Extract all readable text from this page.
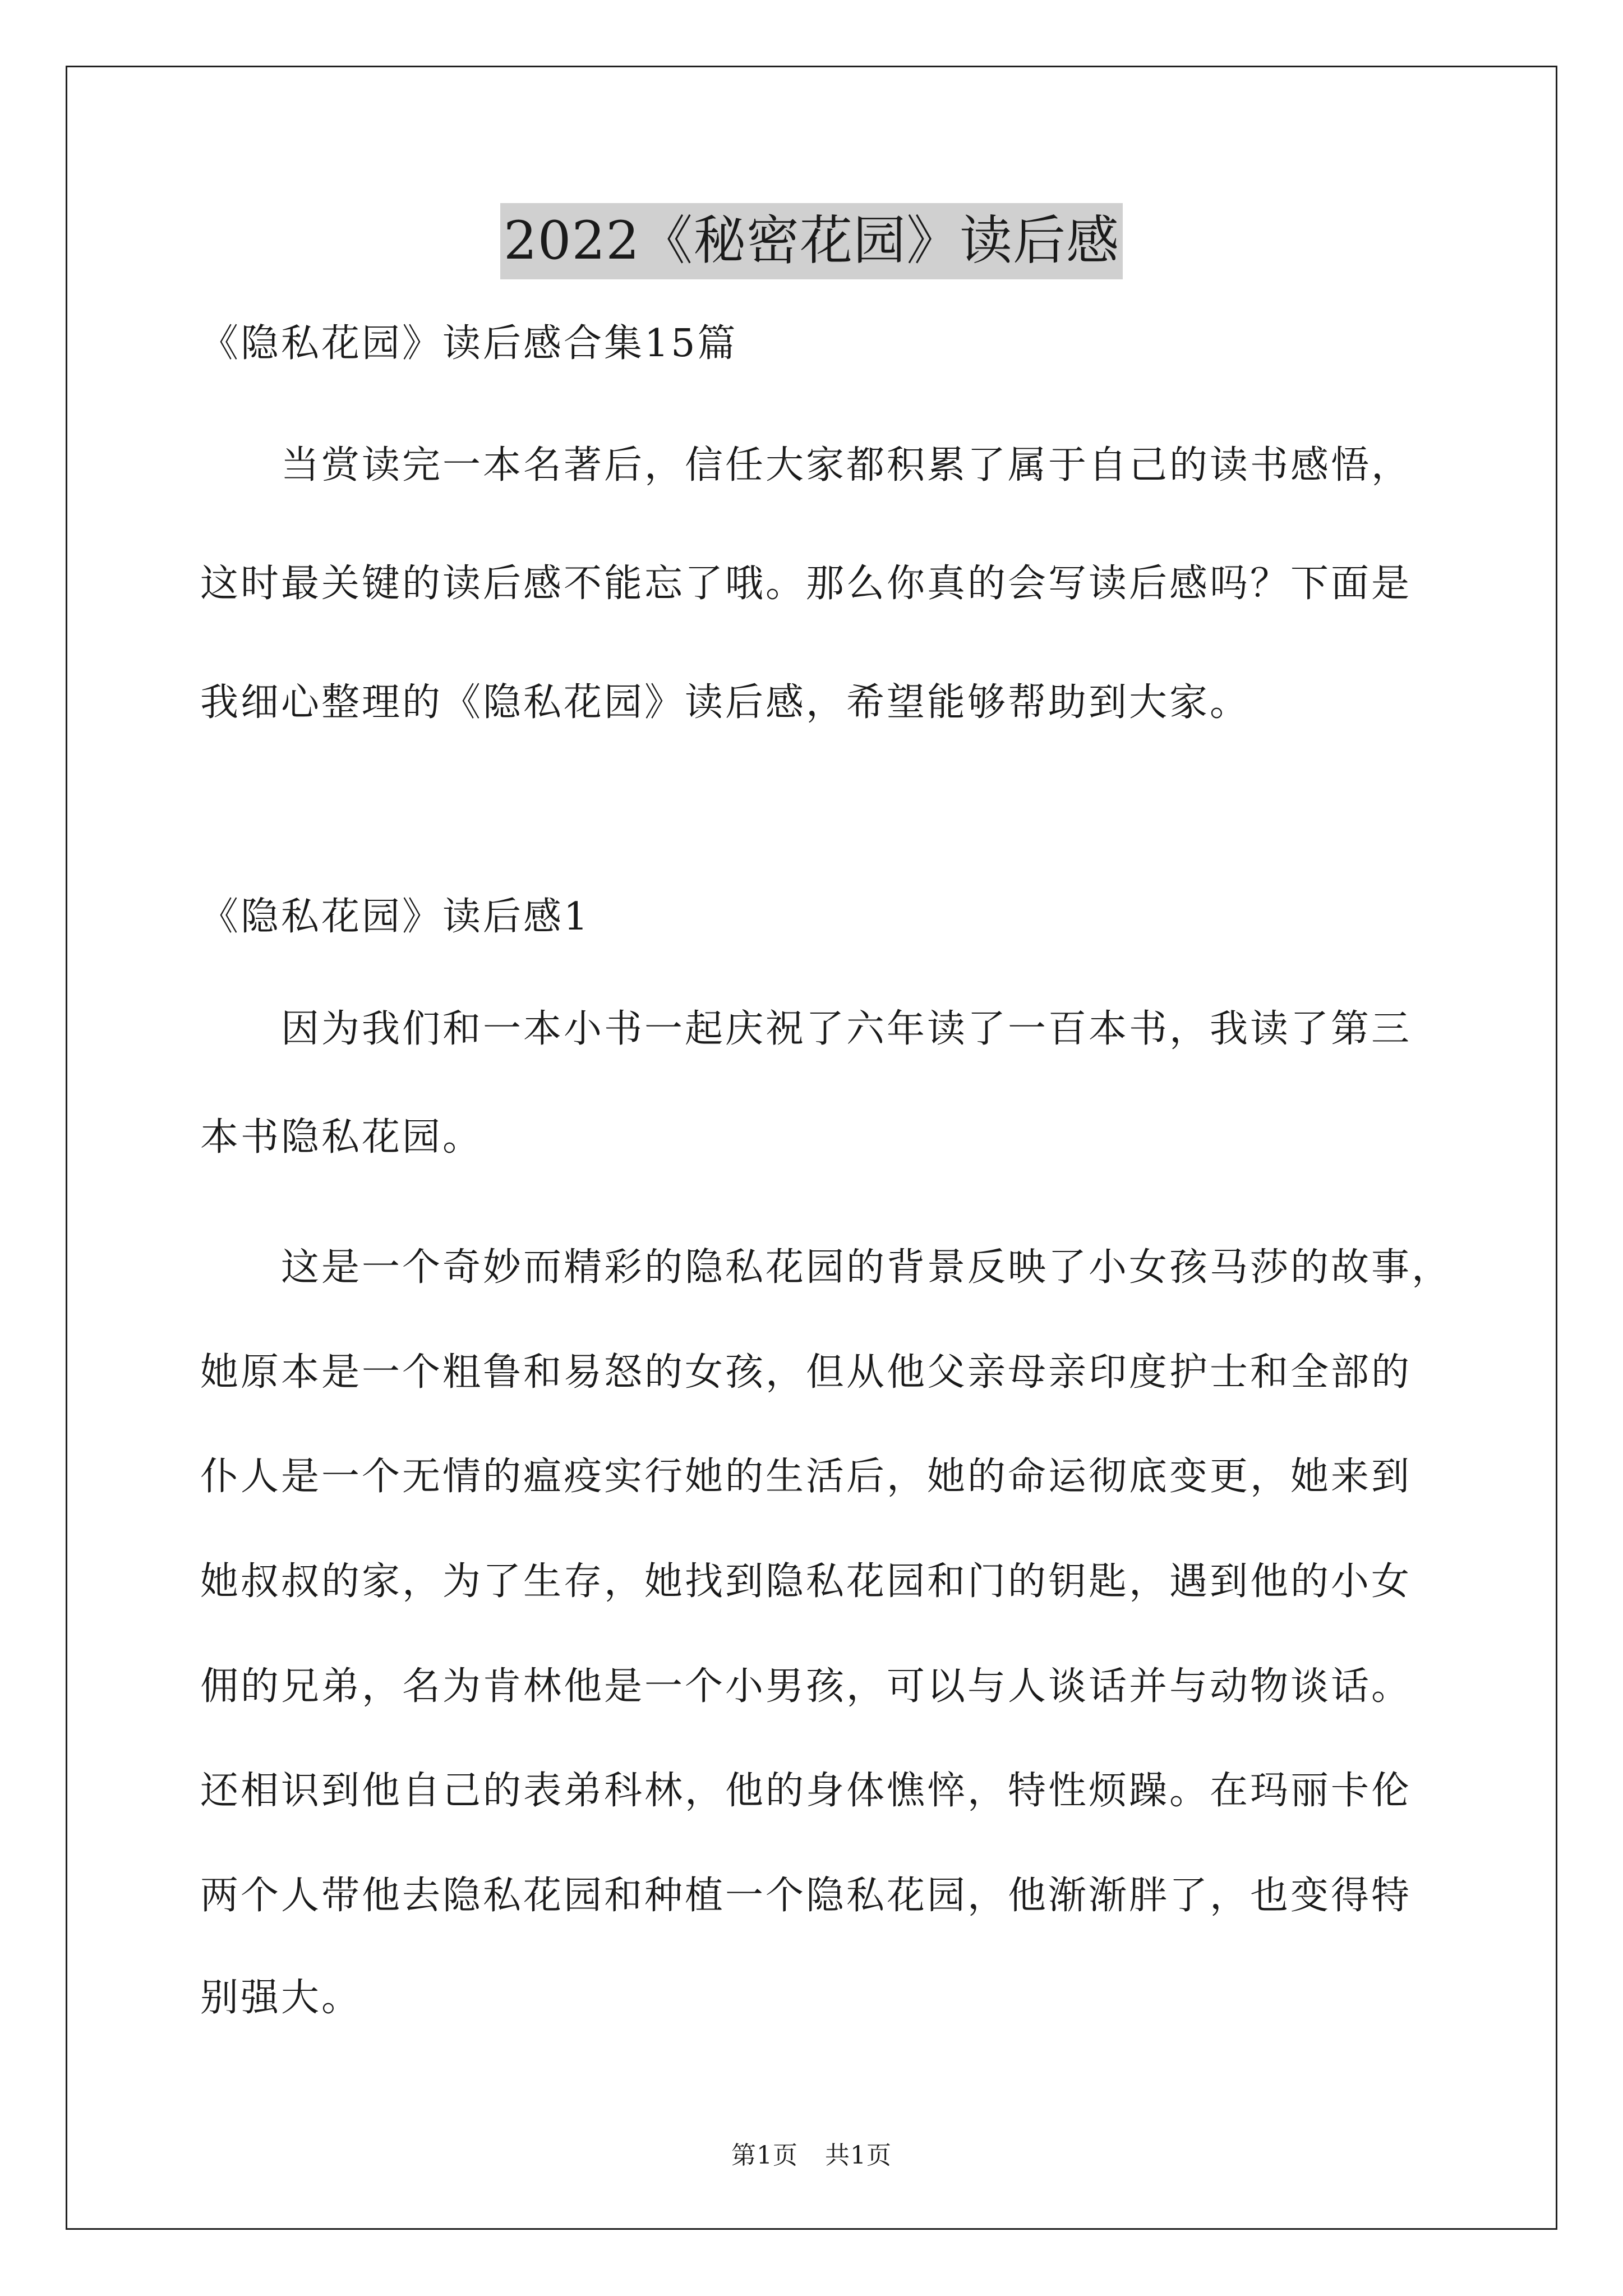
2022《秘密花园》读后感
《隐私花园》读后感合集15篇
　　当赏读完一本名著后，信任大家都积累了属于自己的读书感悟，
这时最关键的读后感不能忘了哦。那么你真的会写读后感吗？下面是
我细心整理的《隐私花园》读后感，希望能够帮助到大家。
《隐私花园》读后感1
　　因为我们和一本小书一起庆祝了六年读了一百本书，我读了第三
本书隐私花园。
　　这是一个奇妙而精彩的隐私花园的背景反映了小女孩马莎的故事，
她原本是一个粗鲁和易怒的女孩，但从他父亲母亲印度护士和全部的
仆人是一个无情的瘟疫实行她的生活后，她的命运彻底变更，她来到
她叔叔的家，为了生存，她找到隐私花园和门的钥匙，遇到他的小女
佣的兄弟，名为肯林他是一个小男孩，可以与人谈话并与动物谈话。
还相识到他自己的表弟科林，他的身体憔悴，特性烦躁。在玛丽卡伦
两个人带他去隐私花园和种植一个隐私花园，他渐渐胖了，也变得特
别强大。
第1页 共1页
